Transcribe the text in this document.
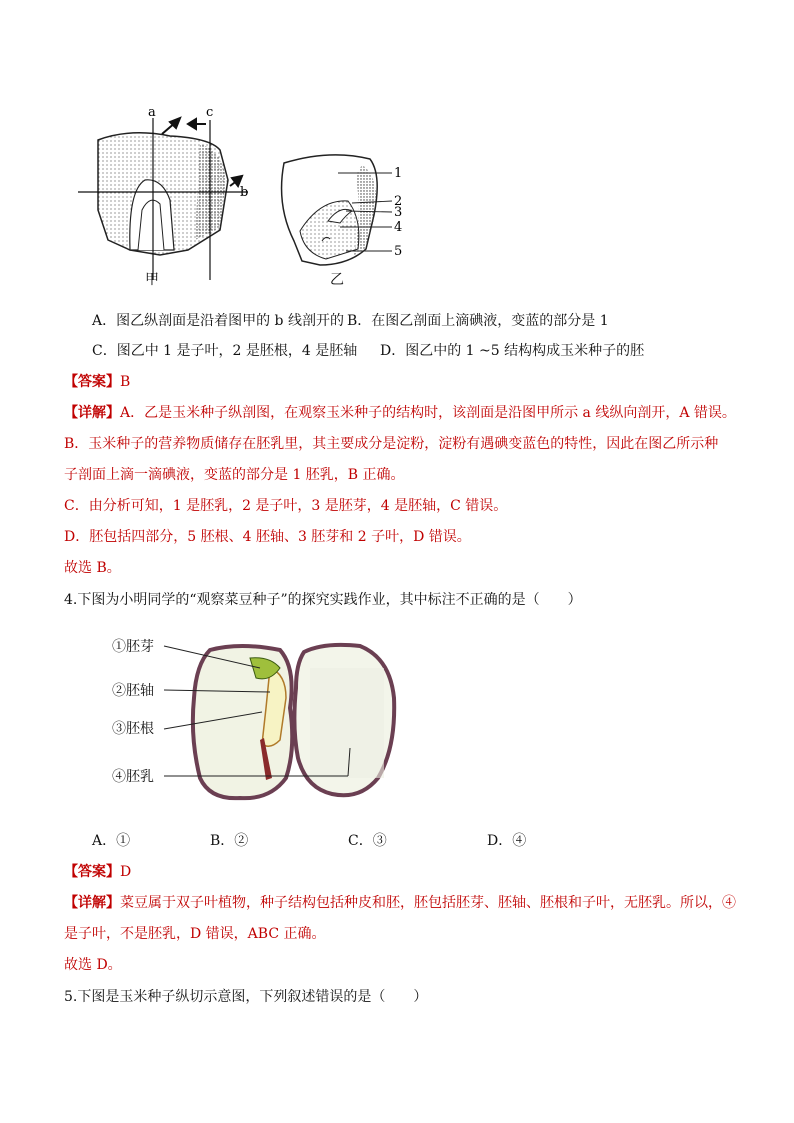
a	c
b
甲
1
2
3
4
5
乙
A．图乙纵剖面是沿着图甲的 b 线剖开的 B．在图乙剖面上滴碘液，变蓝的部分是 1
C．图乙中 1 是子叶，2 是胚根，4 是胚轴 D．图乙中的 1 ~5 结构构成玉米种子的胚
【答案】B
【详解】A．乙是玉米种子纵剖图，在观察玉米种子的结构时，该剖面是沿图甲所示 a 线纵向剖开，A 错误。
B．玉米种子的营养物质储存在胚乳里，其主要成分是淀粉，淀粉有遇碘变蓝色的特性，因此在图乙所示种
子剖面上滴一滴碘液，变蓝的部分是 1 胚乳，B 正确。
C．由分析可知，1 是胚乳，2 是子叶，3 是胚芽，4 是胚轴，C 错误。
D．胚包括四部分，5 胚根、4 胚轴、3 胚芽和 2 子叶，D 错误。
故选 B。
4.下图为小明同学的“观察菜豆种子”的探究实践作业，其中标注不正确的是（　　）
①胚芽
②胚轴
③胚根
④胚乳
A．①	B．②	C．③	D．④
【答案】D
【详解】菜豆属于双子叶植物，种子结构包括种皮和胚，胚包括胚芽、胚轴、胚根和子叶，无胚乳。所以，④
是子叶，不是胚乳，D 错误，ABC 正确。
故选 D。
5.下图是玉米种子纵切示意图，下列叙述错误的是（　　）
